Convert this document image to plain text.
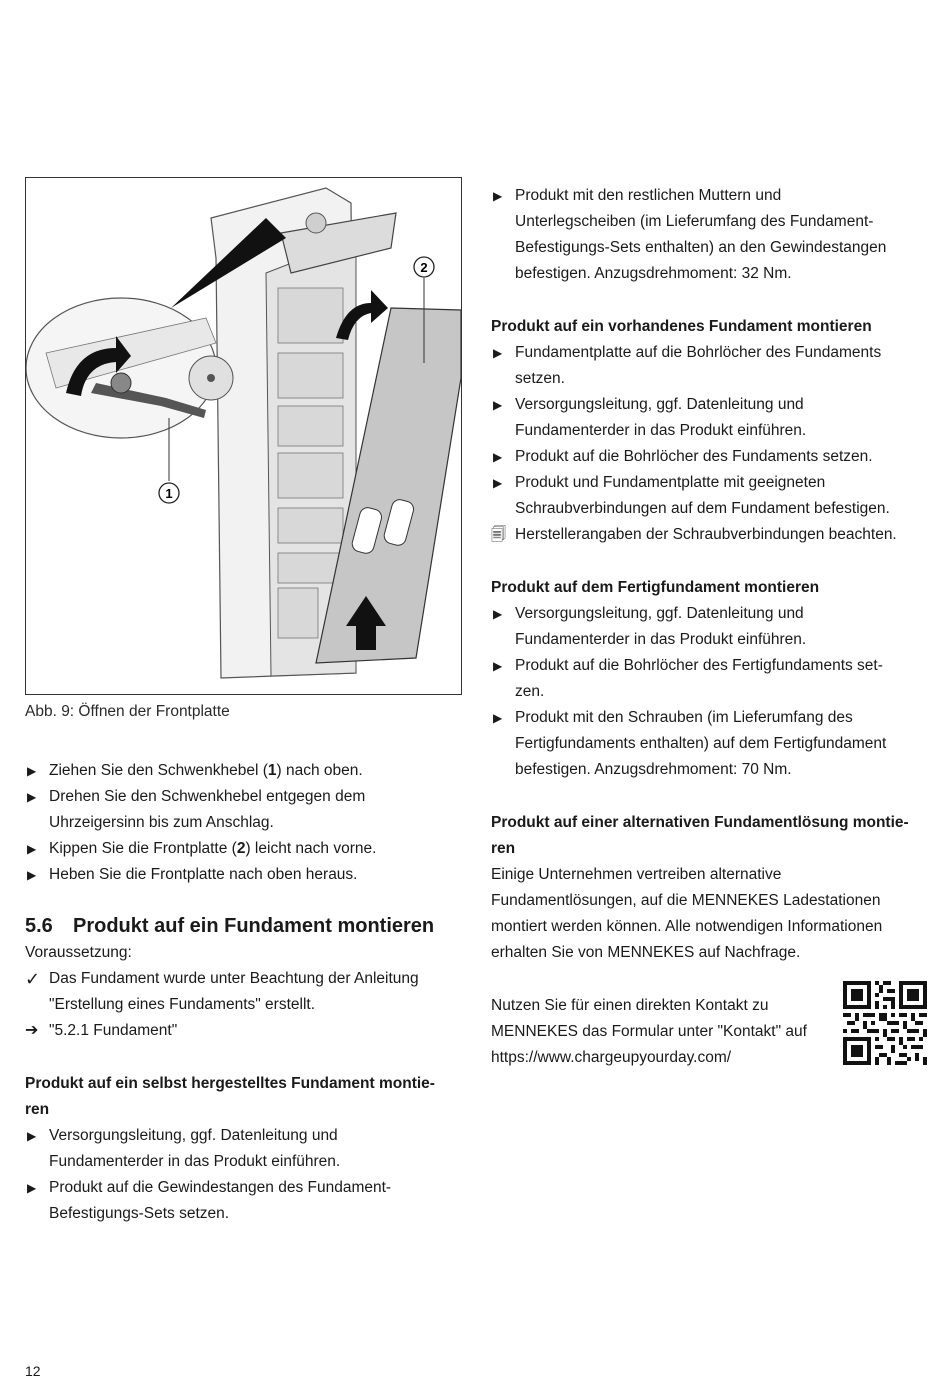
2
1
Abb. 9: Öffnen der Frontplatte
▶ Ziehen Sie den Schwenkhebel (1) nach oben.
▶ Drehen Sie den Schwenkhebel entgegen dem
Uhrzeigersinn bis zum Anschlag.
▶ Kippen Sie die Frontplatte (2) leicht nach vorne.
▶ Heben Sie die Frontplatte nach oben heraus.
5.6 Produkt auf ein Fundament montieren
Voraussetzung:
✓ Das Fundament wurde unter Beachtung der Anleitung
"Erstellung eines Fundaments" erstellt.
➔ "5.2.1 Fundament"
Produkt auf ein selbst hergestelltes Fundament montie-
ren
▶ Versorgungsleitung, ggf. Datenleitung und
Fundamenterder in das Produkt einführen.
▶ Produkt auf die Gewindestangen des Fundament-
Befestigungs-Sets setzen.
▶ Produkt mit den restlichen Muttern und
Unterlegscheiben (im Lieferumfang des Fundament-
Befestigungs-Sets enthalten) an den Gewindestangen
befestigen. Anzugsdrehmoment: 32 Nm.
Produkt auf ein vorhandenes Fundament montieren
▶ Fundamentplatte auf die Bohrlöcher des Fundaments
setzen.
▶ Versorgungsleitung, ggf. Datenleitung und
Fundamenterder in das Produkt einführen.
▶ Produkt auf die Bohrlöcher des Fundaments setzen.
▶ Produkt und Fundamentplatte mit geeigneten
Schraubverbindungen auf dem Fundament befestigen.
🗐 Herstellerangaben der Schraubverbindungen beachten.
Produkt auf dem Fertigfundament montieren
▶ Versorgungsleitung, ggf. Datenleitung und
Fundamenterder in das Produkt einführen.
▶ Produkt auf die Bohrlöcher des Fertigfundaments set-
zen.
▶ Produkt mit den Schrauben (im Lieferumfang des
Fertigfundaments enthalten) auf dem Fertigfundament
befestigen. Anzugsdrehmoment: 70 Nm.
Produkt auf einer alternativen Fundamentlösung montie-
ren
Einige Unternehmen vertreiben alternative
Fundamentlösungen, auf die MENNEKES Ladestationen
montiert werden können. Alle notwendigen Informationen
erhalten Sie von MENNEKES auf Nachfrage.
Nutzen Sie für einen direkten Kontakt zu
MENNEKES das Formular unter "Kontakt" auf
https://www.chargeupyourday.com/
12
